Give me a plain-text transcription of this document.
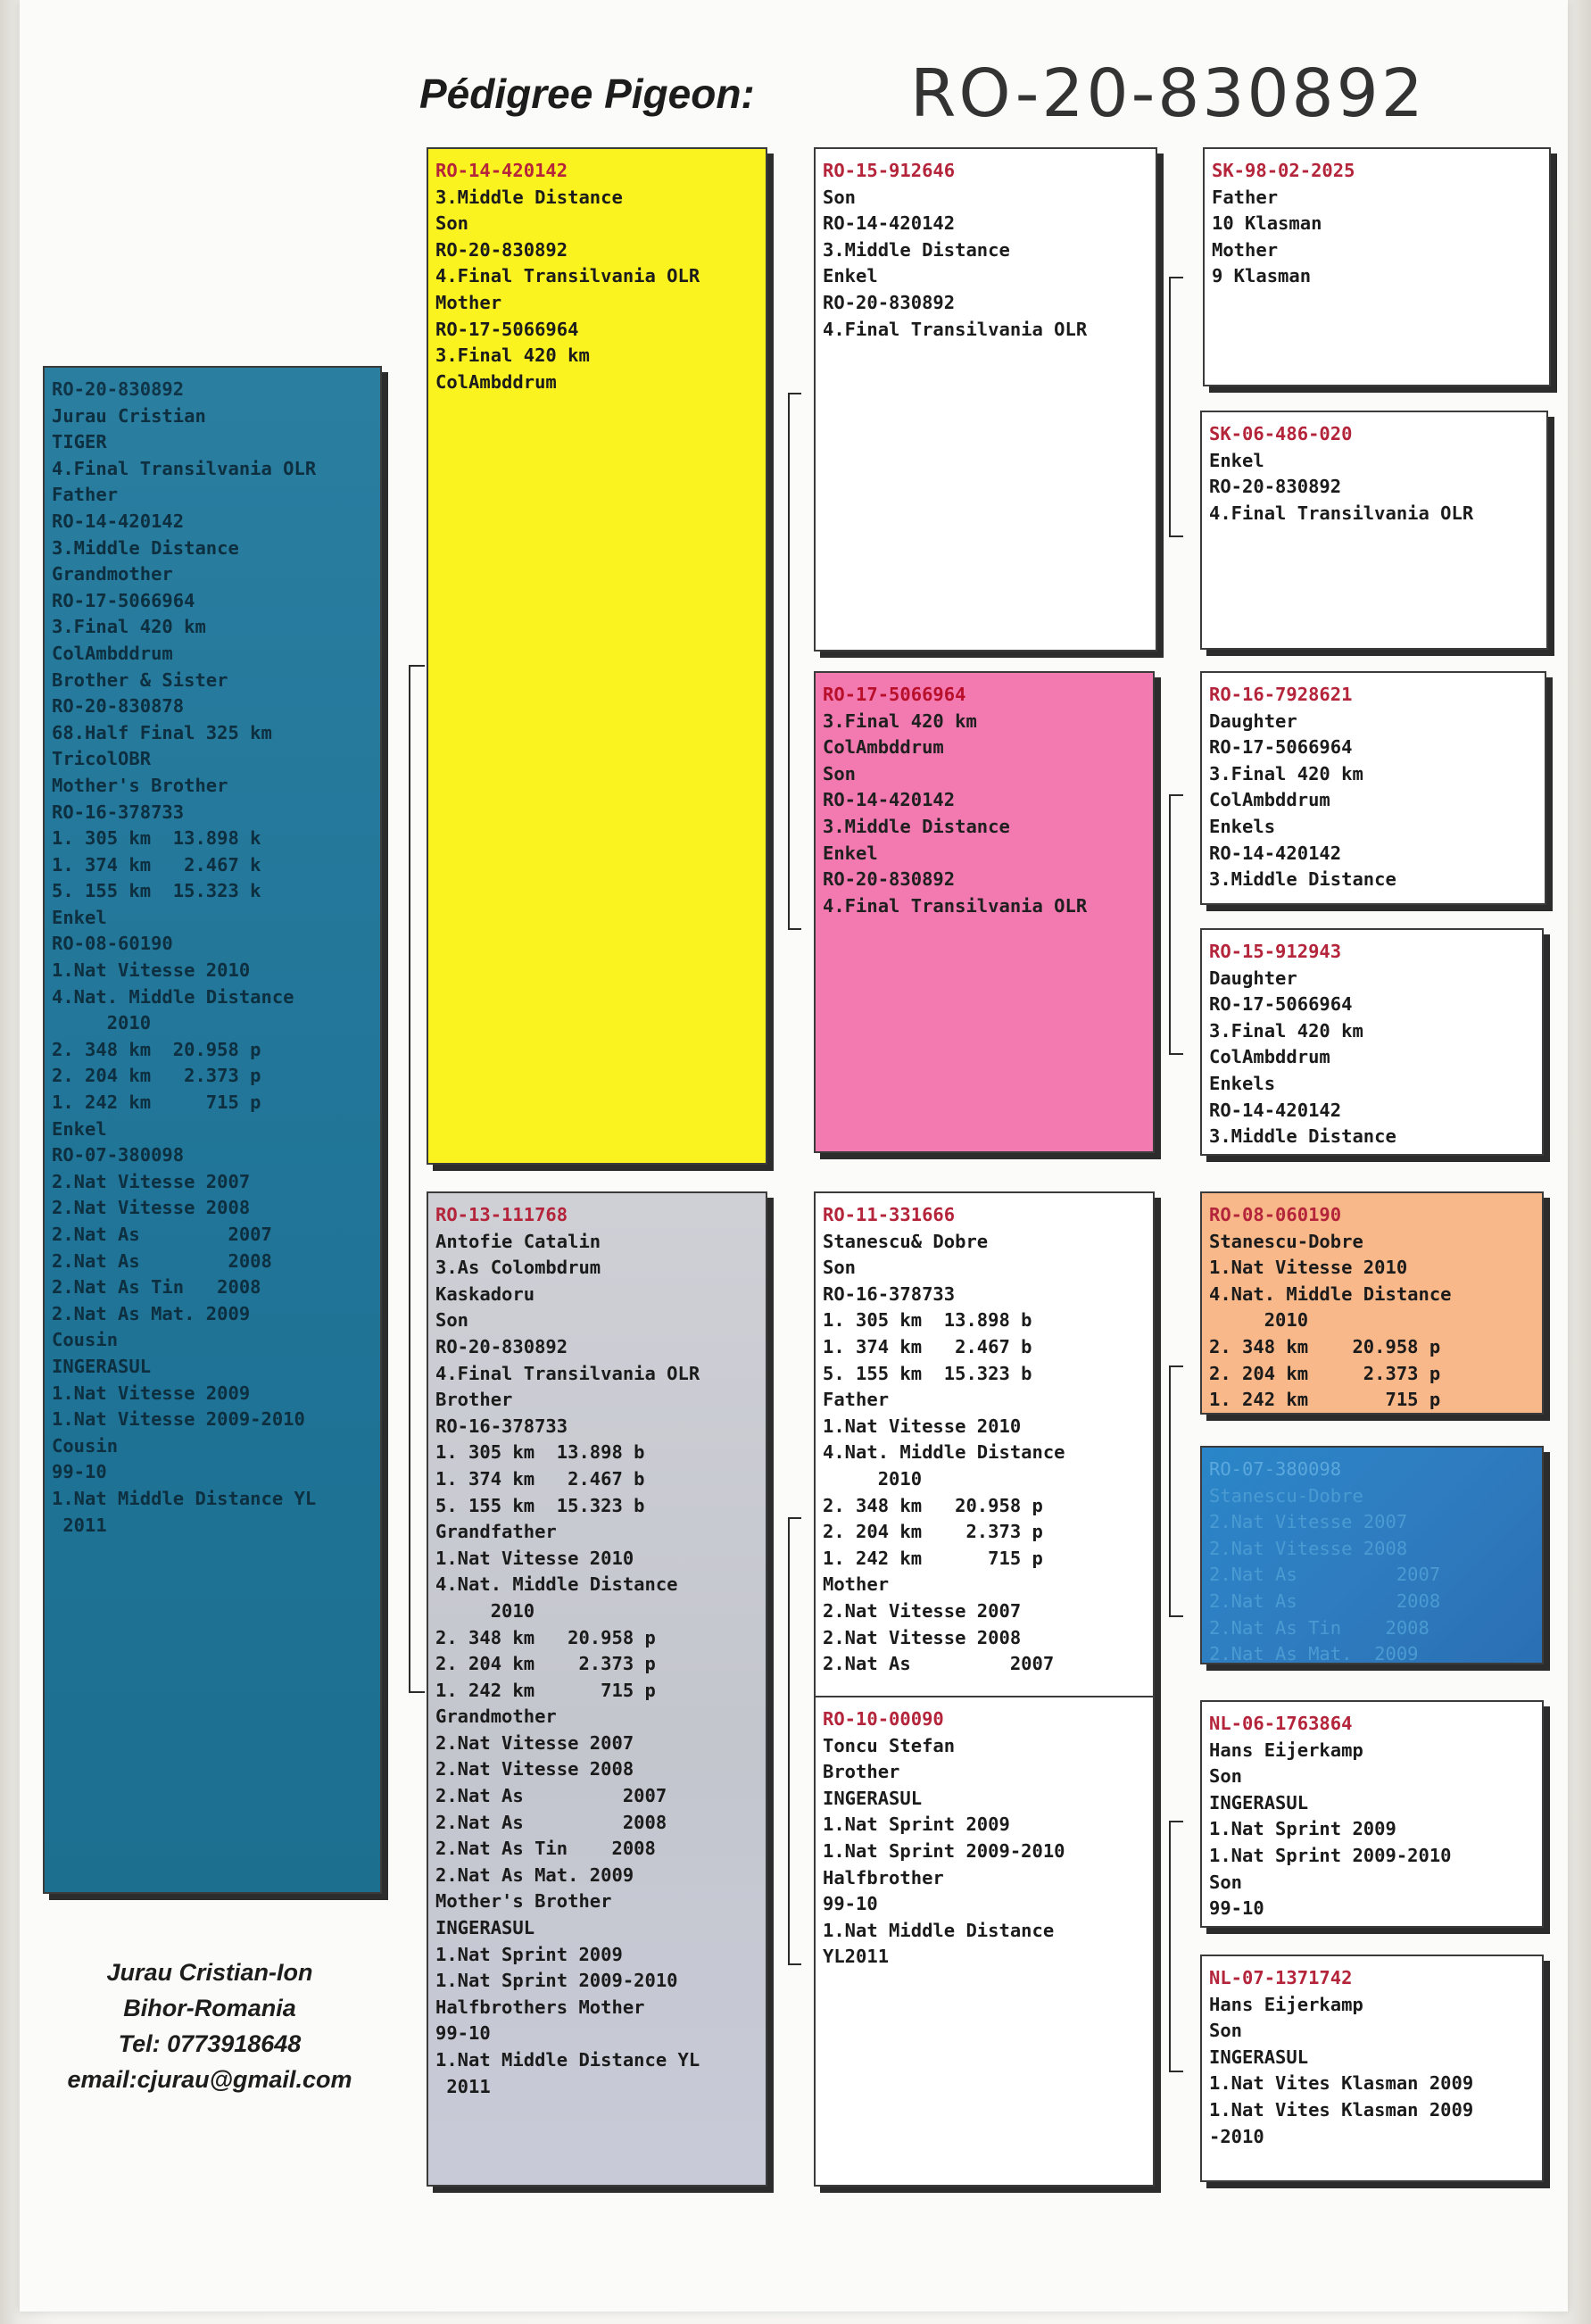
Pédigree Pigeon: RO-20-830892
RO-20-830892
Jurau Cristian
TIGER
4.Final Transilvania OLR
Father
RO-14-420142
3.Middle Distance
Grandmother
RO-17-5066964
3.Final 420 km
ColAmbddrum
Brother & Sister
RO-20-830878
68.Half Final 325 km
TricolOBR
Mother's Brother
RO-16-378733
1. 305 km  13.898 k
1. 374 km   2.467 k
5. 155 km  15.323 k
Enkel
RO-08-60190
1.Nat Vitesse 2010
4.Nat. Middle Distance
2010
2. 348 km  20.958 p
2. 204 km   2.373 p
1. 242 km     715 p
Enkel
RO-07-380098
2.Nat Vitesse 2007
2.Nat Vitesse 2008
2.Nat As        2007
2.Nat As        2008
2.Nat As Tin   2008
2.Nat As Mat. 2009
Cousin
INGERASUL
1.Nat Vitesse 2009
1.Nat Vitesse 2009-2010
Cousin
99-10
1.Nat Middle Distance YL
2011
RO-14-420142
3.Middle Distance
Son
RO-20-830892
4.Final Transilvania OLR
Mother
RO-17-5066964
3.Final 420 km
ColAmbddrum
RO-13-111768
Antofie Catalin
3.As Colombdrum
Kaskadoru
Son
RO-20-830892
4.Final Transilvania OLR
Brother
RO-16-378733
1. 305 km  13.898 b
1. 374 km   2.467 b
5. 155 km  15.323 b
Grandfather
1.Nat Vitesse 2010
4.Nat. Middle Distance
2010
2. 348 km   20.958 p
2. 204 km    2.373 p
1. 242 km      715 p
Grandmother
2.Nat Vitesse 2007
2.Nat Vitesse 2008
2.Nat As         2007
2.Nat As         2008
2.Nat As Tin    2008
2.Nat As Mat. 2009
Mother's Brother
INGERASUL
1.Nat Sprint 2009
1.Nat Sprint 2009-2010
Halfbrothers Mother
99-10
1.Nat Middle Distance YL
2011
RO-15-912646
Son
RO-14-420142
3.Middle Distance
Enkel
RO-20-830892
4.Final Transilvania OLR
RO-17-5066964
3.Final 420 km
ColAmbddrum
Son
RO-14-420142
3.Middle Distance
Enkel
RO-20-830892
4.Final Transilvania OLR
RO-11-331666
Stanescu& Dobre
Son
RO-16-378733
1. 305 km  13.898 b
1. 374 km   2.467 b
5. 155 km  15.323 b
Father
1.Nat Vitesse 2010
4.Nat. Middle Distance
2010
2. 348 km   20.958 p
2. 204 km    2.373 p
1. 242 km      715 p
Mother
2.Nat Vitesse 2007
2.Nat Vitesse 2008
2.Nat As         2007
RO-10-00090
Toncu Stefan
Brother
INGERASUL
1.Nat Sprint 2009
1.Nat Sprint 2009-2010
Halfbrother
99-10
1.Nat Middle Distance
YL2011
SK-98-02-2025
Father
10 Klasman
Mother
9 Klasman
SK-06-486-020
Enkel
RO-20-830892
4.Final Transilvania OLR
RO-16-7928621
Daughter
RO-17-5066964
3.Final 420 km
ColAmbddrum
Enkels
RO-14-420142
3.Middle Distance
RO-15-912943
Daughter
RO-17-5066964
3.Final 420 km
ColAmbddrum
Enkels
RO-14-420142
3.Middle Distance
RO-08-060190
Stanescu-Dobre
1.Nat Vitesse 2010
4.Nat. Middle Distance
2010
2. 348 km    20.958 p
2. 204 km     2.373 p
1. 242 km       715 p
RO-07-380098
Stanescu-Dobre
2.Nat Vitesse 2007
2.Nat Vitesse 2008
2.Nat As         2007
2.Nat As         2008
2.Nat As Tin    2008
2.Nat As Mat.  2009
NL-06-1763864
Hans Eijerkamp
Son
INGERASUL
1.Nat Sprint 2009
1.Nat Sprint 2009-2010
Son
99-10
NL-07-1371742
Hans Eijerkamp
Son
INGERASUL
1.Nat Vites Klasman 2009
1.Nat Vites Klasman 2009
-2010
Jurau Cristian-Ion
Bihor-Romania
Tel: 0773918648
email:cjurau@gmail.com
